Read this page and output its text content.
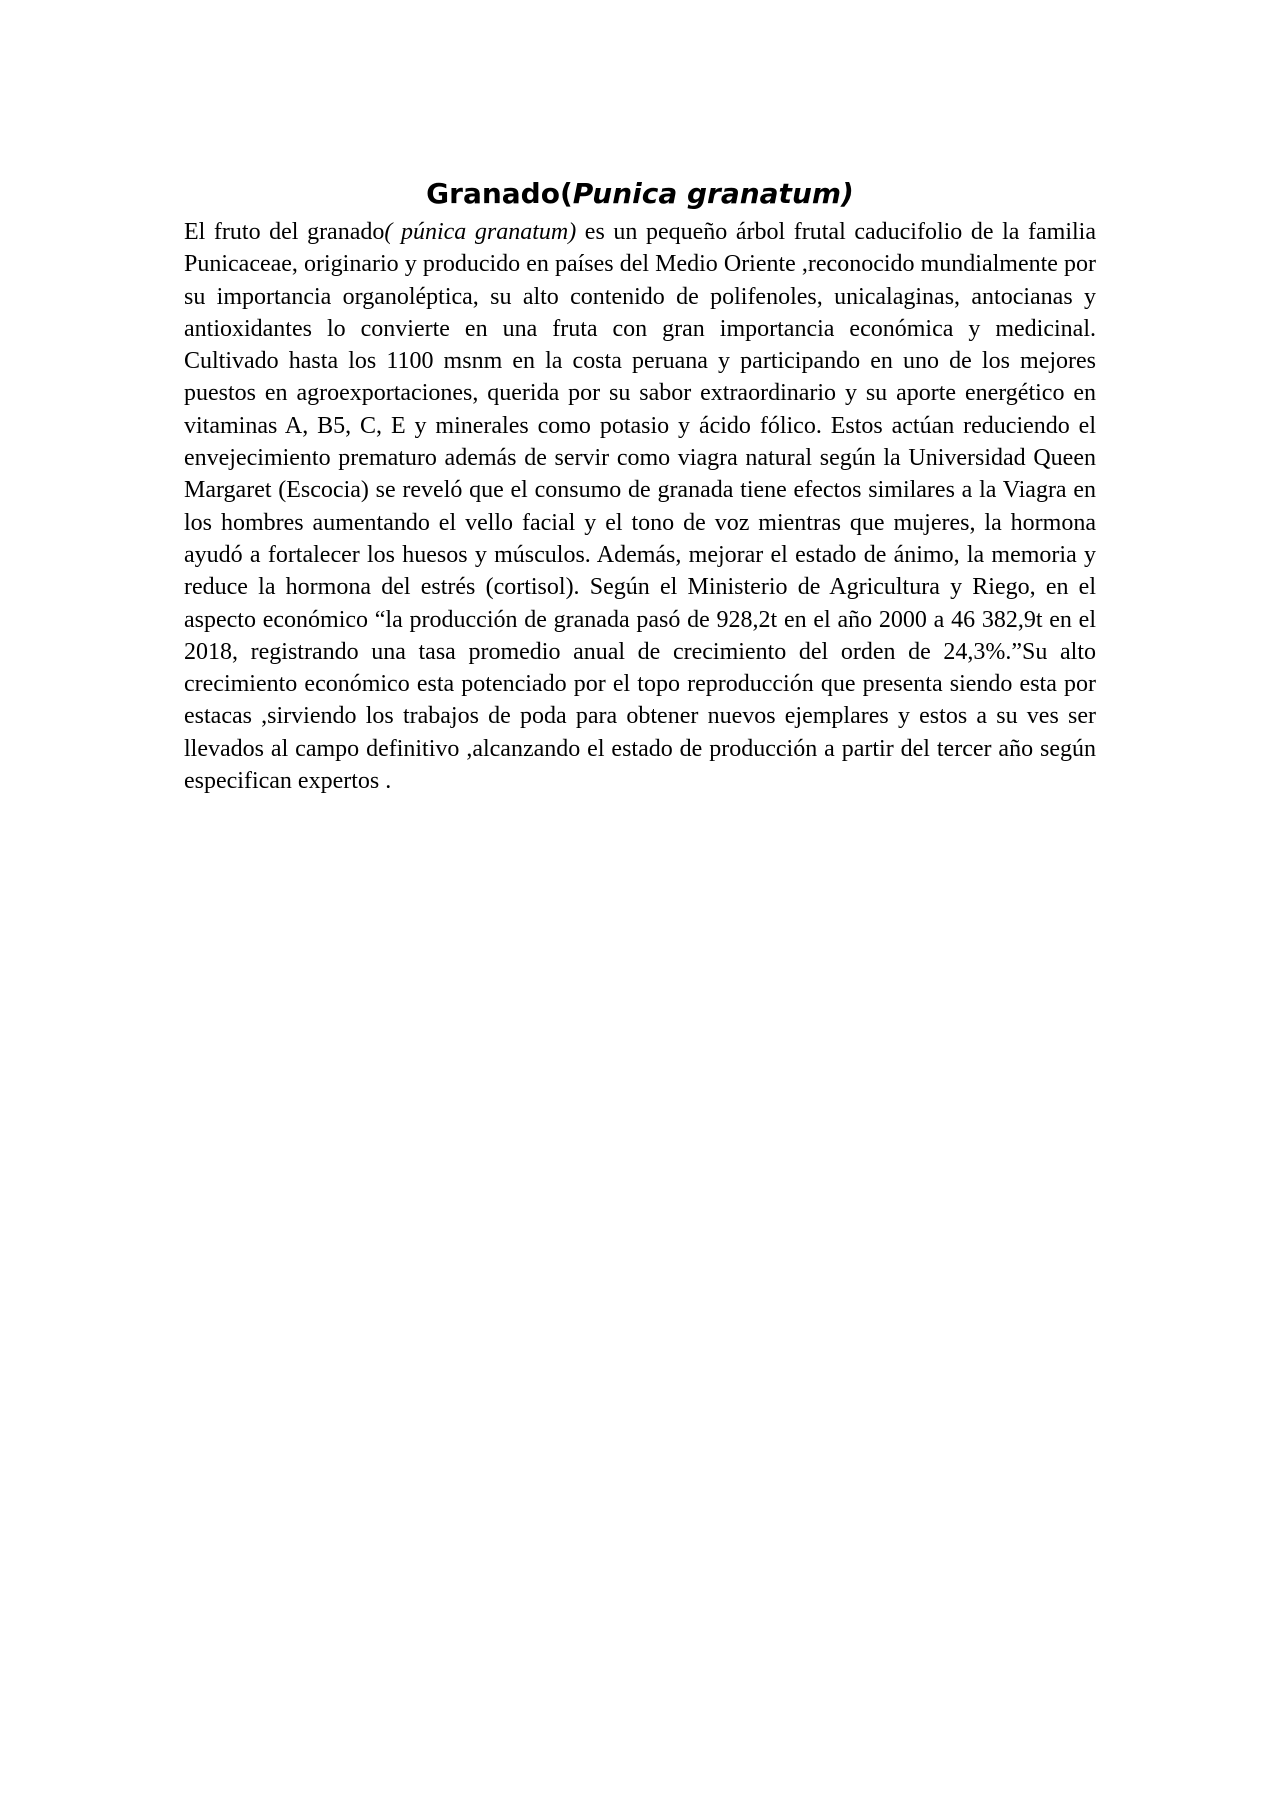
Granado(Punica granatum)

El fruto del granado( púnica granatum) es un pequeño árbol frutal caducifolio de la familia Punicaceae, originario y producido en países del Medio Oriente ,reconocido mundialmente por su importancia organoléptica, su alto contenido de polifenoles, unicalaginas, antocianas y antioxidantes lo convierte en una fruta con gran importancia económica y medicinal. Cultivado hasta los 1100 msnm en la costa peruana y participando en uno de los mejores puestos en agroexportaciones, querida por su sabor extraordinario y su aporte energético en vitaminas A, B5, C, E y minerales como potasio y ácido fólico. Estos actúan reduciendo el envejecimiento prematuro además de servir como viagra natural según la Universidad Queen Margaret (Escocia) se reveló que el consumo de granada tiene efectos similares a la Viagra en los hombres aumentando el vello facial y el tono de voz mientras que mujeres, la hormona ayudó a fortalecer los huesos y músculos. Además, mejorar el estado de ánimo, la memoria y reduce la hormona del estrés (cortisol). Según el Ministerio de Agricultura y Riego, en el aspecto económico “la producción de granada pasó de 928,2t en el año 2000 a 46 382,9t en el 2018, registrando una tasa promedio anual de crecimiento del orden de 24,3%.”Su alto crecimiento económico esta potenciado por el topo reproducción que presenta siendo esta por estacas ,sirviendo los trabajos de poda para obtener nuevos ejemplares y estos a su ves ser llevados al campo definitivo ,alcanzando el estado de producción a partir del tercer año según especifican expertos .
